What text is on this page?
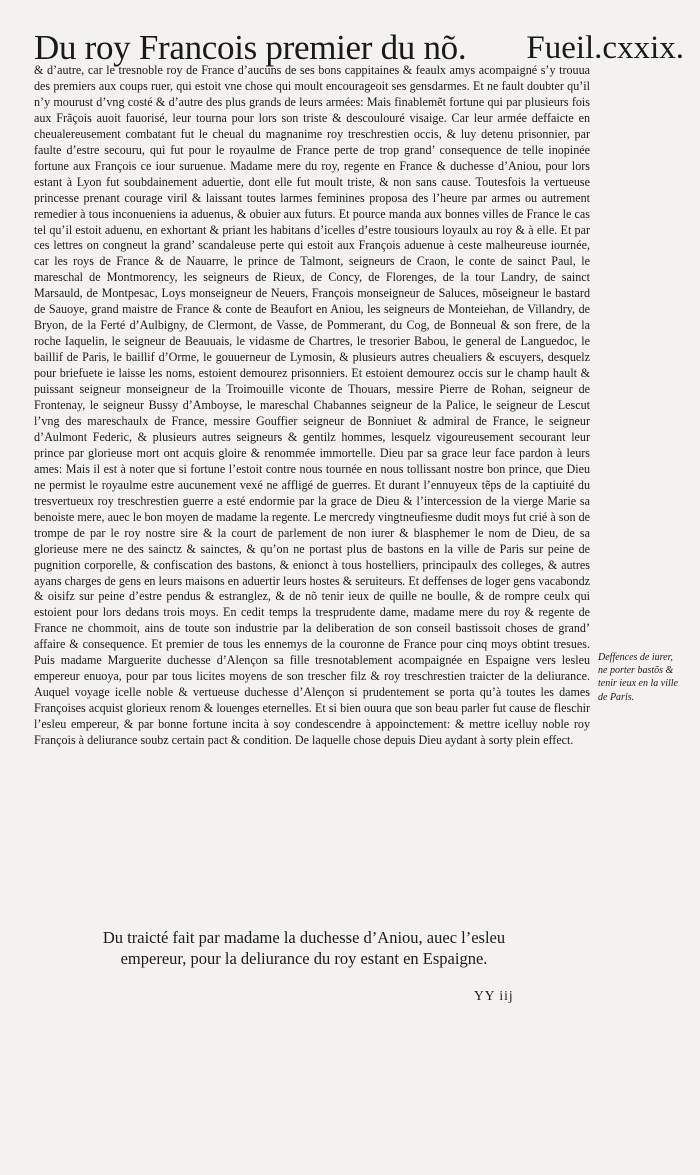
Du roy Francois premier du nõ. Fueil.cxxix.

& d’autre, car le tresnoble roy de France d’aucuns de ses bons cappitaines & feaulx amys acompaigné s’y trouua des premiers aux coups ruer, qui estoit vne chose qui moult encourageoit ses gensdarmes. Et ne fault doubter qu’il n’y mourust d’vng costé & d’autre des plus grands de leurs armées: Mais finablemẽt fortune qui par plusieurs fois aux Frãçois auoit fauorisé, leur tourna pour lors son triste & descoulouré visaige. Car leur armée deffaicte en cheualereusement combatant fut le cheual du magnanime roy treschrestien occis, & luy detenu prisonnier, par faulte d’estre secouru, qui fut pour le royaulme de France perte de trop grand’ consequence de telle inopinée fortune aux François ce iour suruenue. Madame mere du roy, regente en France & duchesse d’Aniou, pour lors estant à Lyon fut soubdainement aduertie, dont elle fut moult triste, & non sans cause. Toutesfois la vertueuse princesse prenant courage viril & laissant toutes larmes feminines proposa des l’heure par armes ou autrement remedier à tous inconueniens ia aduenus, & obuier aux futurs. Et pource manda aux bonnes villes de France le cas tel qu’il estoit aduenu, en exhortant & priant les habitans d’icelles d’estre tousiours loyaulx au roy & à elle. Et par ces lettres on congneut la grand’ scandaleuse perte qui estoit aux François aduenue à ceste malheureuse iournée, car les roys de France & de Nauarre, le prince de Talmont, seigneurs de Craon, le conte de sainct Paul, le mareschal de Montmorency, les seigneurs de Rieux, de Concy, de Florenges, de la tour Landry, de sainct Marsauld, de Montpesac, Loys monseigneur de Neuers, François monseigneur de Saluces, mõseigneur le bastard de Sauoye, grand maistre de France & conte de Beaufort en Aniou, les seigneurs de Monteiehan, de Villandry, de Bryon, de la Ferté d’Aulbigny, de Clermont, de Vasse, de Pommerant, du Cog, de Bonneual & son frere, de la roche Iaquelin, le seigneur de Beauuais, le vidasme de Chartres, le tresorier Babou, le general de Languedoc, le baillif de Paris, le baillif d’Orme, le gouuerneur de Lymosin, & plusieurs autres cheualiers & escuyers, desquelz pour briefuete ie laisse les noms, estoient demourez prisonniers. Et estoient demourez occis sur le champ hault & puissant seigneur monseigneur de la Troimouille viconte de Thouars, messire Pierre de Rohan, seigneur de Frontenay, le seigneur Bussy d’Amboyse, le mareschal Chabannes seigneur de la Palice, le seigneur de Lescut l’vng des mareschaulx de France, messire Gouffier seigneur de Bonniuet & admiral de France, le seigneur d’Aulmont Federic, & plusieurs autres seigneurs & gentilz hommes, lesquelz vigoureusement secourant leur prince par glorieuse mort ont acquis gloire & renommée immortelle. Dieu par sa grace leur face pardon à leurs ames: Mais il est à noter que si fortune l’estoit contre nous tournée en nous tollissant nostre bon prince, que Dieu ne permist le royaulme estre aucunement vexé ne affligé de guerres. Et durant l’ennuyeux tẽps de la captiuité du tresvertueux roy treschrestien guerre a esté endormie par la grace de Dieu & l’intercession de la vierge Marie sa benoiste mere, auec le bon moyen de madame la regente. Le mercredy vingtneufiesme dudit moys fut crié à son de trompe de par le roy nostre sire & la court de parlement de non iurer & blasphemer le nom de Dieu, de sa glorieuse mere ne des sainctz & sainctes, & qu’on ne portast plus de bastons en la ville de Paris sur peine de pugnition corporelle, & confiscation des bastons, & enionct à tous hostelliers, principaulx des colleges, & autres ayans charges de gens en leurs maisons en aduertir leurs hostes & seruiteurs. Et deffenses de loger gens vacabondz & oisifz sur peine d’estre pendus & estranglez, & de nõ tenir ieux de quille ne boulle, & de rompre ceulx qui estoient pour lors dedans trois moys. En cedit temps la tresprudente dame, madame mere du roy & regente de France ne chommoit, ains de toute son industrie par la deliberation de son conseil bastissoit choses de grand’ affaire & consequence. Et premier de tous les ennemys de la couronne de France pour cinq moys obtint tresues. Puis madame Marguerite duchesse d’Alençon sa fille tresnotablement acompaignée en Espaigne vers lesleu empereur enuoya, pour par tous licites moyens de son trescher filz & roy treschrestien traicter de la deliurance. Auquel voyage icelle noble & vertueuse duchesse d’Alençon si prudentement se porta qu’à toutes les dames Françoises acquist glorieux renom & louenges eternelles. Et si bien ouura que son beau parler fut cause de fleschir l’esleu empereur, & par bonne fortune incita à soy condescendre à appoinctement: & mettre icelluy noble roy François à deliurance soubz certain pact & condition. De laquelle chose depuis Dieu aydant à sorty plein effect.

Deffences de iurer, ne porter bastõs & tenir ieux en la ville de Paris.
Du traicté fait par madame la duchesse d’Aniou, auec l’esleu empereur, pour la deliurance du roy estant en Espaigne.
YY iij
